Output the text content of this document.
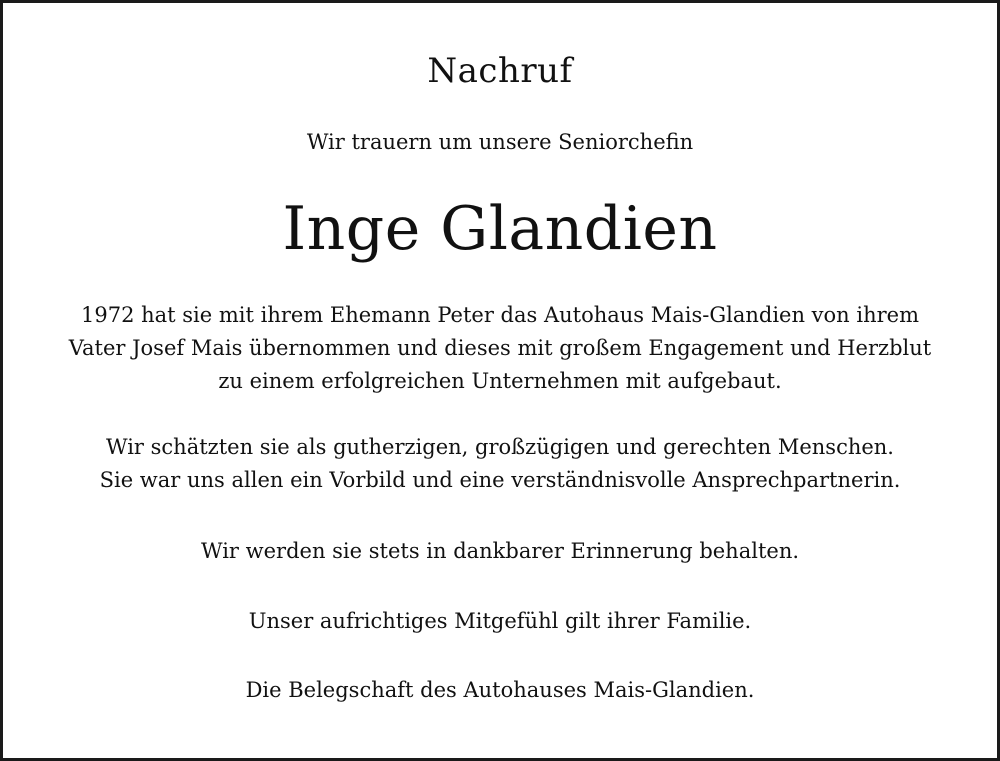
Nachruf
Wir trauern um unsere Seniorchefin
Inge Glandien
1972 hat sie mit ihrem Ehemann Peter das Autohaus Mais-Glandien von ihrem
Vater Josef Mais übernommen und dieses mit großem Engagement und Herzblut
zu einem erfolgreichen Unternehmen mit aufgebaut.
Wir schätzten sie als gutherzigen, großzügigen und gerechten Menschen.
Sie war uns allen ein Vorbild und eine verständnisvolle Ansprechpartnerin.
Wir werden sie stets in dankbarer Erinnerung behalten.
Unser aufrichtiges Mitgefühl gilt ihrer Familie.
Die Belegschaft des Autohauses Mais-Glandien.
